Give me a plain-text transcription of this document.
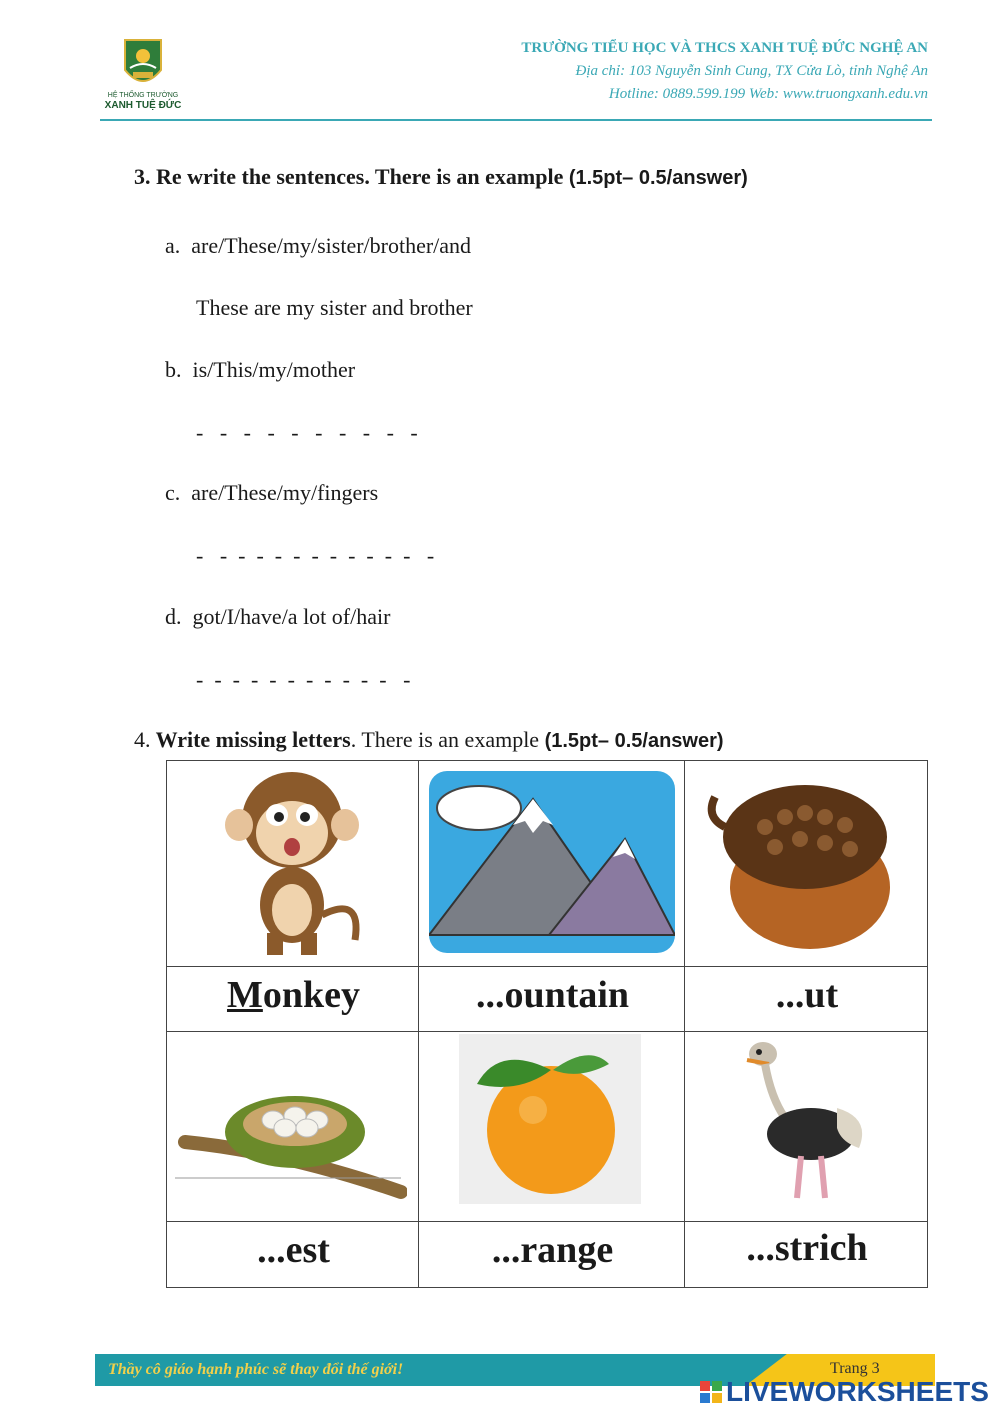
HỆ THỐNG TRƯỜNG
XANH TUỆ ĐỨC
TRƯỜNG TIỂU HỌC VÀ THCS XANH TUỆ ĐỨC NGHỆ AN
Địa chỉ: 103 Nguyễn Sinh Cung, TX Cửa Lò, tỉnh Nghệ An
Hotline: 0889.599.199 Web: www.truongxanh.edu.vn
3. Re write the sentences. There is an example (1.5pt– 0.5/answer)
a. are/These/my/sister/brother/and
These are my sister and brother
b. is/This/my/mother
-   -   -   -   -   -   -   -   -   -
c. are/These/my/fingers
-   -  -  -  -  -  -  -  -  -  -  -   -
d. got/I/have/a lot of/hair
-  -  -  -  -  -  -  -  -  -  -   -
4. Write missing letters. There is an example (1.5pt– 0.5/answer)
Monkey	...ountain	...ut
...est	...range	...strich
Thầy cô giáo hạnh phúc sẽ thay đổi thế giới!	Trang 3
LIVEWORKSHEETS
